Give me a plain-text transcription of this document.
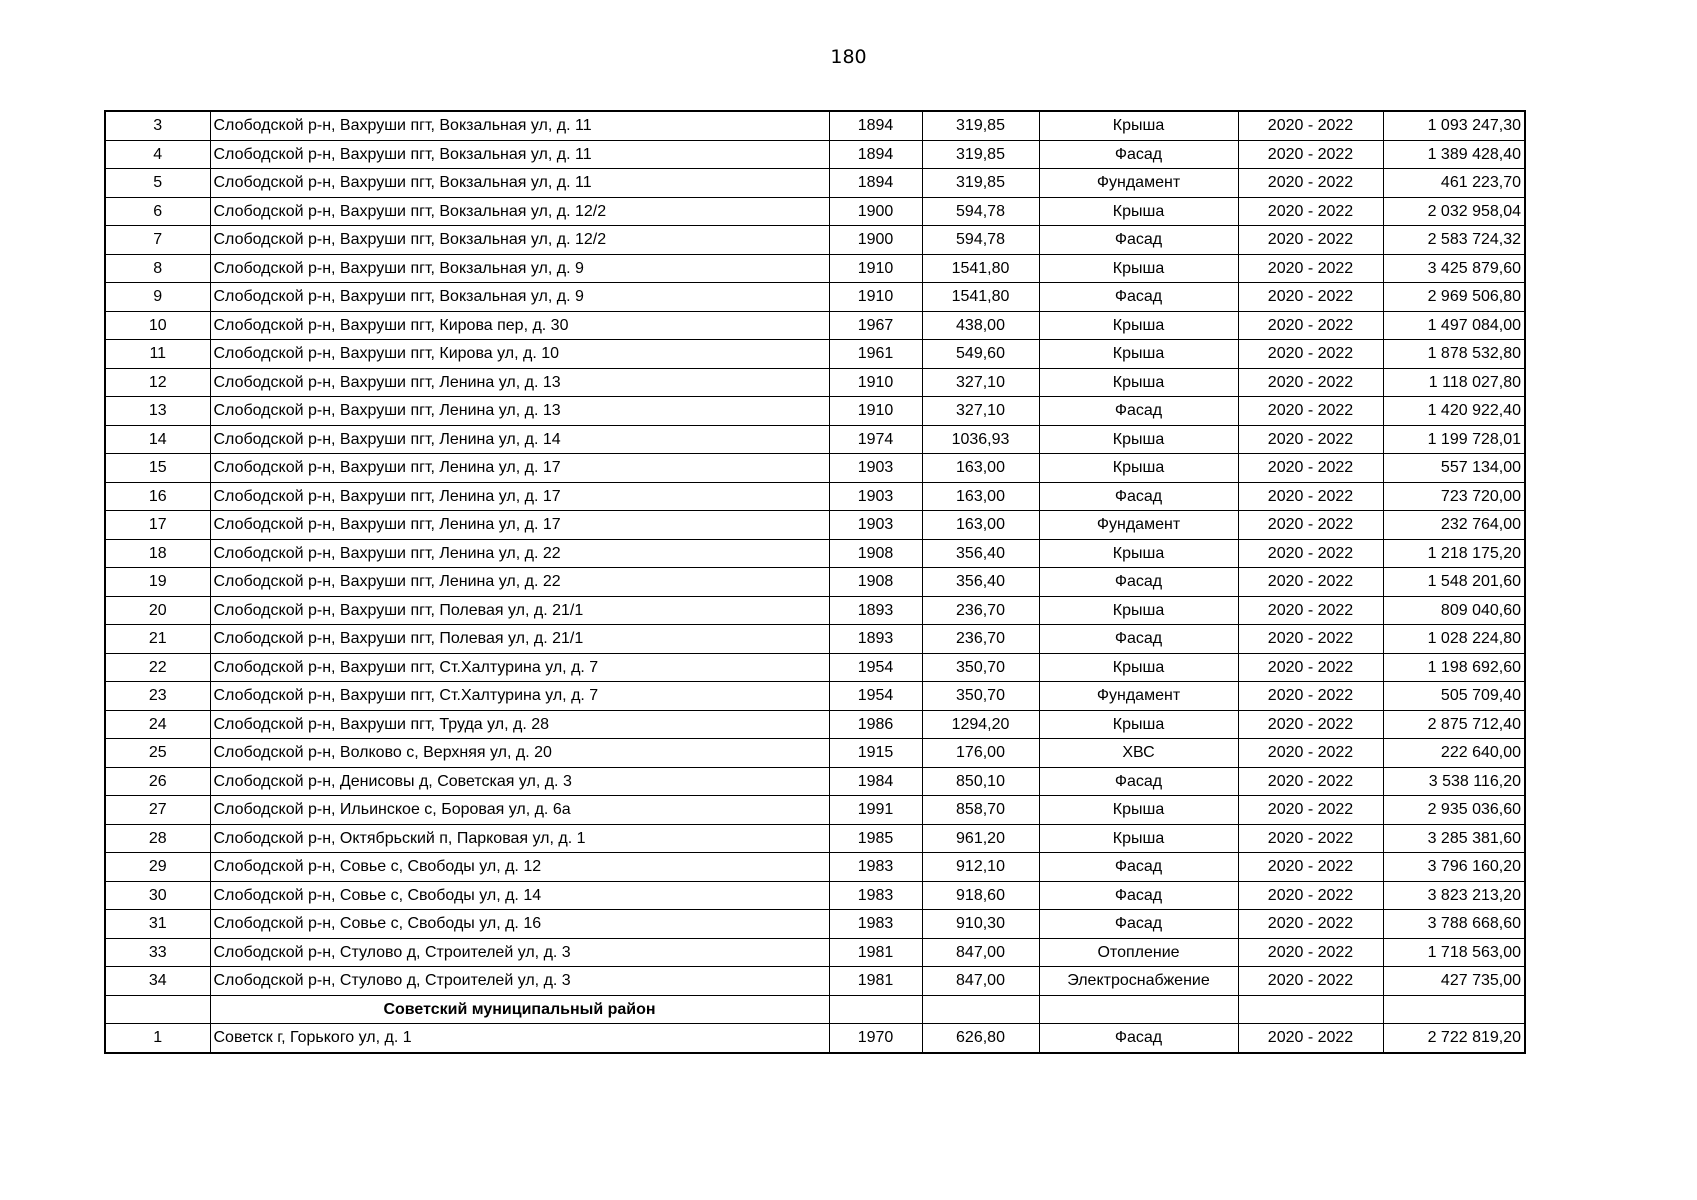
180
3	Слободской р-н, Вахруши пгт, Вокзальная ул, д. 11	1894	319,85	Крыша	2020 - 2022	1 093 247,30
4	Слободской р-н, Вахруши пгт, Вокзальная ул, д. 11	1894	319,85	Фасад	2020 - 2022	1 389 428,40
5	Слободской р-н, Вахруши пгт, Вокзальная ул, д. 11	1894	319,85	Фундамент	2020 - 2022	461 223,70
6	Слободской р-н, Вахруши пгт, Вокзальная ул, д. 12/2	1900	594,78	Крыша	2020 - 2022	2 032 958,04
7	Слободской р-н, Вахруши пгт, Вокзальная ул, д. 12/2	1900	594,78	Фасад	2020 - 2022	2 583 724,32
8	Слободской р-н, Вахруши пгт, Вокзальная ул, д. 9	1910	1541,80	Крыша	2020 - 2022	3 425 879,60
9	Слободской р-н, Вахруши пгт, Вокзальная ул, д. 9	1910	1541,80	Фасад	2020 - 2022	2 969 506,80
10	Слободской р-н, Вахруши пгт, Кирова пер, д. 30	1967	438,00	Крыша	2020 - 2022	1 497 084,00
11	Слободской р-н, Вахруши пгт, Кирова ул, д. 10	1961	549,60	Крыша	2020 - 2022	1 878 532,80
12	Слободской р-н, Вахруши пгт, Ленина ул, д. 13	1910	327,10	Крыша	2020 - 2022	1 118 027,80
13	Слободской р-н, Вахруши пгт, Ленина ул, д. 13	1910	327,10	Фасад	2020 - 2022	1 420 922,40
14	Слободской р-н, Вахруши пгт, Ленина ул, д. 14	1974	1036,93	Крыша	2020 - 2022	1 199 728,01
15	Слободской р-н, Вахруши пгт, Ленина ул, д. 17	1903	163,00	Крыша	2020 - 2022	557 134,00
16	Слободской р-н, Вахруши пгт, Ленина ул, д. 17	1903	163,00	Фасад	2020 - 2022	723 720,00
17	Слободской р-н, Вахруши пгт, Ленина ул, д. 17	1903	163,00	Фундамент	2020 - 2022	232 764,00
18	Слободской р-н, Вахруши пгт, Ленина ул, д. 22	1908	356,40	Крыша	2020 - 2022	1 218 175,20
19	Слободской р-н, Вахруши пгт, Ленина ул, д. 22	1908	356,40	Фасад	2020 - 2022	1 548 201,60
20	Слободской р-н, Вахруши пгт, Полевая ул, д. 21/1	1893	236,70	Крыша	2020 - 2022	809 040,60
21	Слободской р-н, Вахруши пгт, Полевая ул, д. 21/1	1893	236,70	Фасад	2020 - 2022	1 028 224,80
22	Слободской р-н, Вахруши пгт, Ст.Халтурина ул, д. 7	1954	350,70	Крыша	2020 - 2022	1 198 692,60
23	Слободской р-н, Вахруши пгт, Ст.Халтурина ул, д. 7	1954	350,70	Фундамент	2020 - 2022	505 709,40
24	Слободской р-н, Вахруши пгт, Труда ул, д. 28	1986	1294,20	Крыша	2020 - 2022	2 875 712,40
25	Слободской р-н, Волково с, Верхняя ул, д. 20	1915	176,00	ХВС	2020 - 2022	222 640,00
26	Слободской р-н, Денисовы д, Советская ул, д. 3	1984	850,10	Фасад	2020 - 2022	3 538 116,20
27	Слободской р-н, Ильинское с, Боровая ул, д. 6а	1991	858,70	Крыша	2020 - 2022	2 935 036,60
28	Слободской р-н, Октябрьский п, Парковая ул, д. 1	1985	961,20	Крыша	2020 - 2022	3 285 381,60
29	Слободской р-н, Совье с, Свободы ул, д. 12	1983	912,10	Фасад	2020 - 2022	3 796 160,20
30	Слободской р-н, Совье с, Свободы ул, д. 14	1983	918,60	Фасад	2020 - 2022	3 823 213,20
31	Слободской р-н, Совье с, Свободы ул, д. 16	1983	910,30	Фасад	2020 - 2022	3 788 668,60
33	Слободской р-н, Стулово д, Строителей ул, д. 3	1981	847,00	Отопление	2020 - 2022	1 718 563,00
34	Слободской р-н, Стулово д, Строителей ул, д. 3	1981	847,00	Электроснабжение	2020 - 2022	427 735,00
	Советский муниципальный район					
1	Советск г, Горького ул, д. 1	1970	626,80	Фасад	2020 - 2022	2 722 819,20
